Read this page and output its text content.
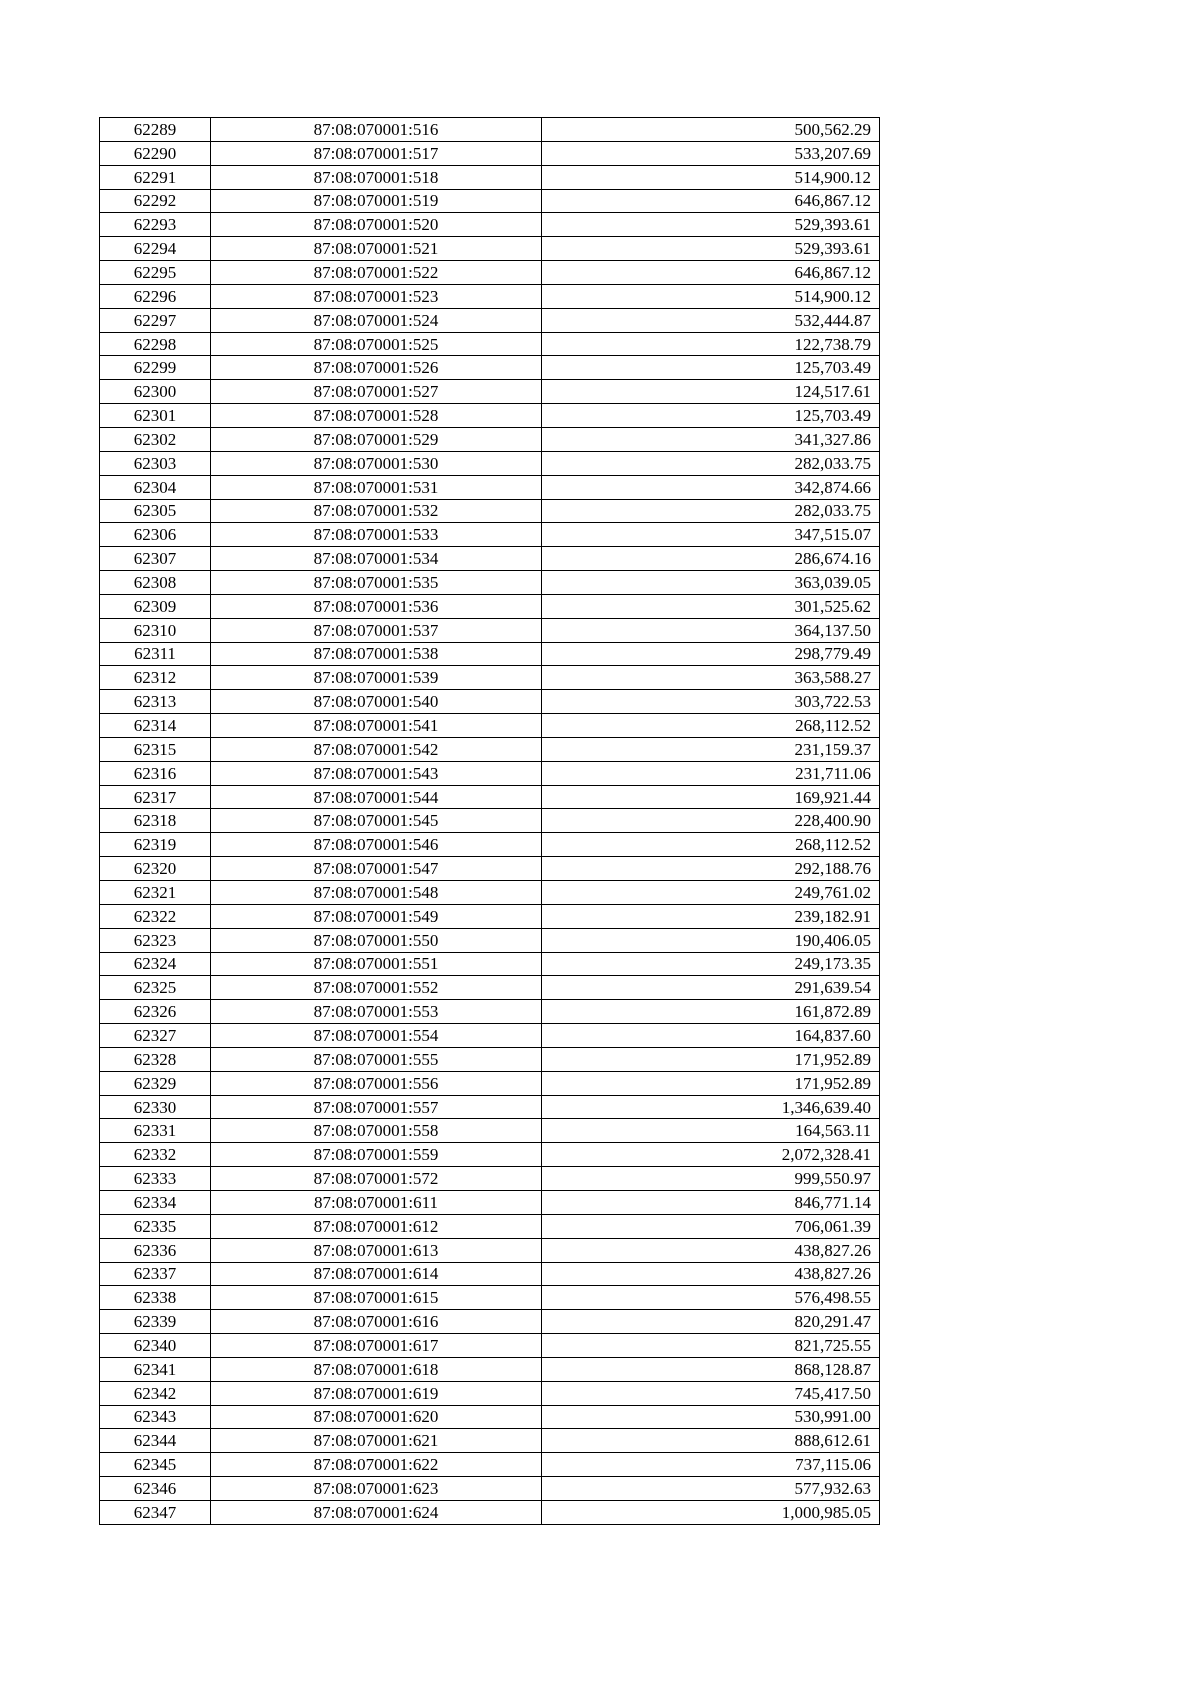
62289	87:08:070001:516	500,562.29
62290	87:08:070001:517	533,207.69
62291	87:08:070001:518	514,900.12
62292	87:08:070001:519	646,867.12
62293	87:08:070001:520	529,393.61
62294	87:08:070001:521	529,393.61
62295	87:08:070001:522	646,867.12
62296	87:08:070001:523	514,900.12
62297	87:08:070001:524	532,444.87
62298	87:08:070001:525	122,738.79
62299	87:08:070001:526	125,703.49
62300	87:08:070001:527	124,517.61
62301	87:08:070001:528	125,703.49
62302	87:08:070001:529	341,327.86
62303	87:08:070001:530	282,033.75
62304	87:08:070001:531	342,874.66
62305	87:08:070001:532	282,033.75
62306	87:08:070001:533	347,515.07
62307	87:08:070001:534	286,674.16
62308	87:08:070001:535	363,039.05
62309	87:08:070001:536	301,525.62
62310	87:08:070001:537	364,137.50
62311	87:08:070001:538	298,779.49
62312	87:08:070001:539	363,588.27
62313	87:08:070001:540	303,722.53
62314	87:08:070001:541	268,112.52
62315	87:08:070001:542	231,159.37
62316	87:08:070001:543	231,711.06
62317	87:08:070001:544	169,921.44
62318	87:08:070001:545	228,400.90
62319	87:08:070001:546	268,112.52
62320	87:08:070001:547	292,188.76
62321	87:08:070001:548	249,761.02
62322	87:08:070001:549	239,182.91
62323	87:08:070001:550	190,406.05
62324	87:08:070001:551	249,173.35
62325	87:08:070001:552	291,639.54
62326	87:08:070001:553	161,872.89
62327	87:08:070001:554	164,837.60
62328	87:08:070001:555	171,952.89
62329	87:08:070001:556	171,952.89
62330	87:08:070001:557	1,346,639.40
62331	87:08:070001:558	164,563.11
62332	87:08:070001:559	2,072,328.41
62333	87:08:070001:572	999,550.97
62334	87:08:070001:611	846,771.14
62335	87:08:070001:612	706,061.39
62336	87:08:070001:613	438,827.26
62337	87:08:070001:614	438,827.26
62338	87:08:070001:615	576,498.55
62339	87:08:070001:616	820,291.47
62340	87:08:070001:617	821,725.55
62341	87:08:070001:618	868,128.87
62342	87:08:070001:619	745,417.50
62343	87:08:070001:620	530,991.00
62344	87:08:070001:621	888,612.61
62345	87:08:070001:622	737,115.06
62346	87:08:070001:623	577,932.63
62347	87:08:070001:624	1,000,985.05
